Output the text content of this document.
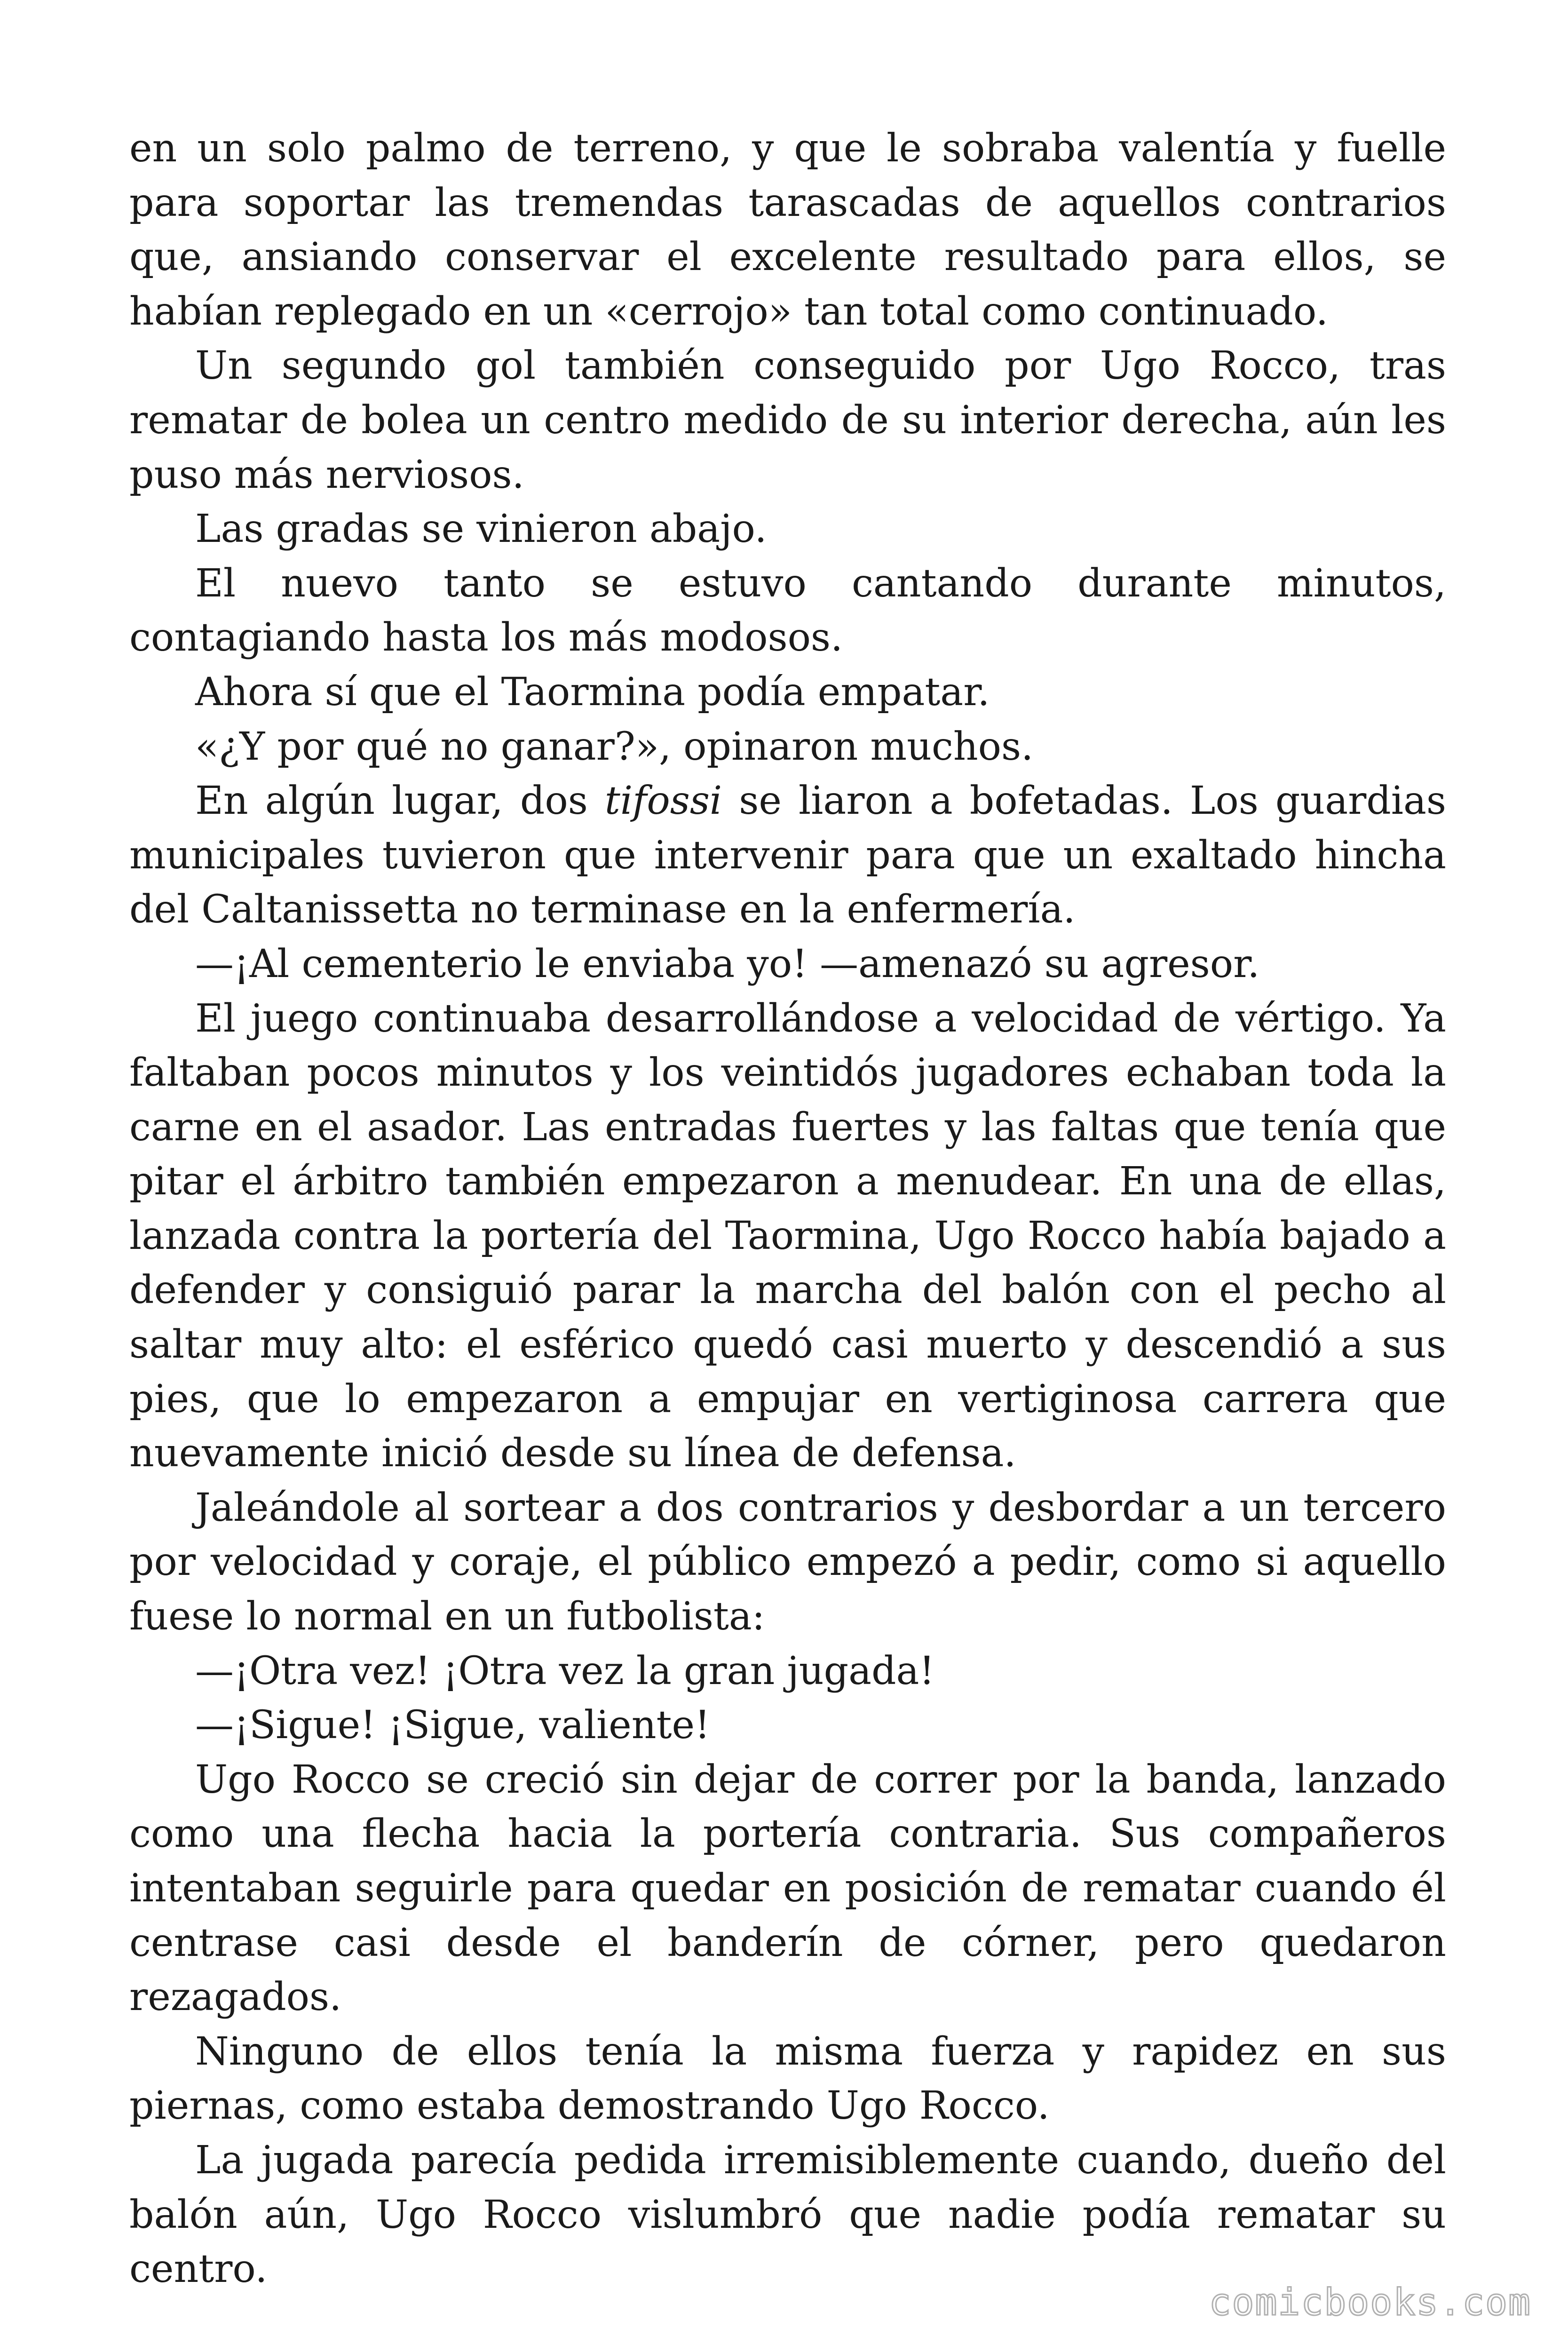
en un solo palmo de terreno, y que le sobraba valentía y fuelle para soportar las tremendas tarascadas de aquellos contrarios que, ansiando conservar el excelente resultado para ellos, se habían replegado en un «cerrojo» tan total como continuado.

Un segundo gol también conseguido por Ugo Rocco, tras rematar de bolea un centro medido de su interior derecha, aún les puso más nerviosos.

Las gradas se vinieron abajo.

El nuevo tanto se estuvo cantando durante minutos, contagiando hasta los más modosos.

Ahora sí que el Taormina podía empatar.

«¿Y por qué no ganar?», opinaron muchos.

En algún lugar, dos tifossi se liaron a bofetadas. Los guardias municipales tuvieron que intervenir para que un exaltado hincha del Caltanissetta no terminase en la enfermería.

—¡Al cementerio le enviaba yo! —amenazó su agresor.

El juego continuaba desarrollándose a velocidad de vértigo. Ya faltaban pocos minutos y los veintidós jugadores echaban toda la carne en el asador. Las entradas fuertes y las faltas que tenía que pitar el árbitro también empezaron a menudear. En una de ellas, lanzada contra la portería del Taormina, Ugo Rocco había bajado a defender y consiguió parar la marcha del balón con el pecho al saltar muy alto: el esférico quedó casi muerto y descendió a sus pies, que lo empezaron a empujar en vertiginosa carrera que nuevamente inició desde su línea de defensa.

Jaleándole al sortear a dos contrarios y desbordar a un tercero por velocidad y coraje, el público empezó a pedir, como si aquello fuese lo normal en un futbolista:

—¡Otra vez! ¡Otra vez la gran jugada!

—¡Sigue! ¡Sigue, valiente!

Ugo Rocco se creció sin dejar de correr por la banda, lanzado como una flecha hacia la portería contraria. Sus compañeros intentaban seguirle para quedar en posición de rematar cuando él centrase casi desde el banderín de córner, pero quedaron rezagados.

Ninguno de ellos tenía la misma fuerza y rapidez en sus piernas, como estaba demostrando Ugo Rocco.

La jugada parecía pedida irremisiblemente cuando, dueño del balón aún, Ugo Rocco vislumbró que nadie podía rematar su centro.

comicbooks.com
